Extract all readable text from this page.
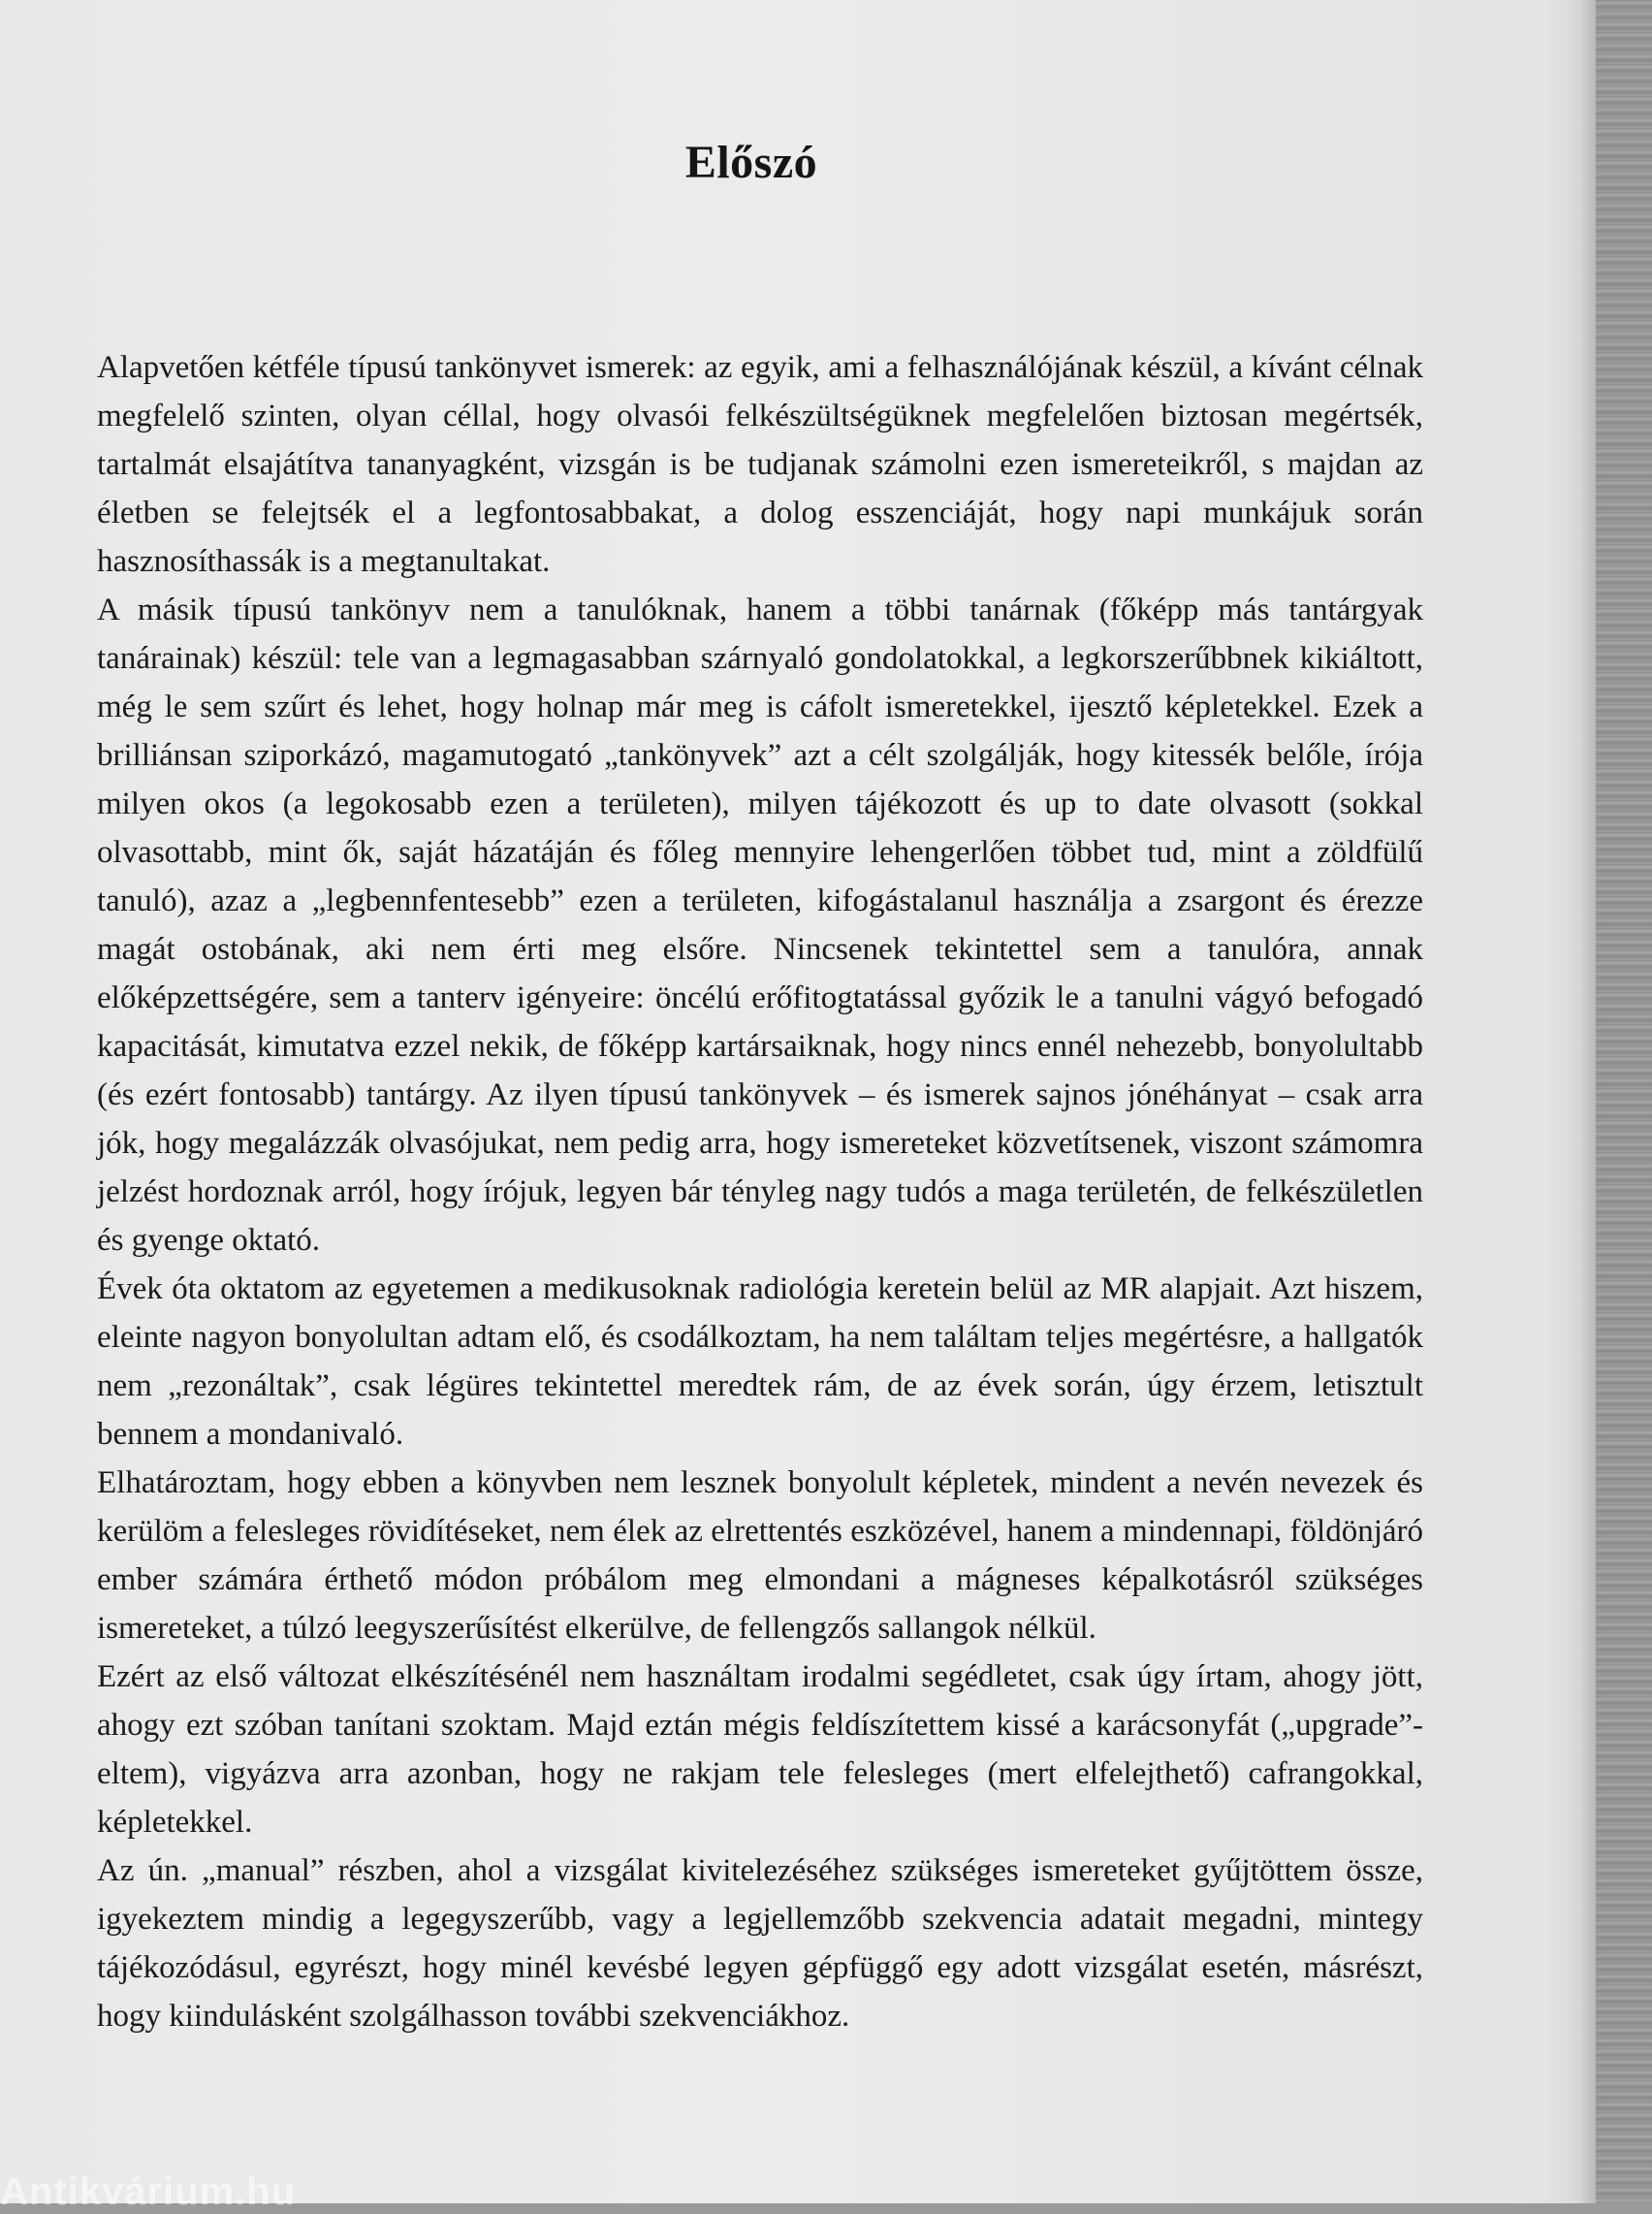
Előszó

Alapvetően kétféle típusú tankönyvet ismerek: az egyik, ami a felhasználójának készül, a kívánt célnak megfelelő szinten, olyan céllal, hogy olvasói felkészültségüknek megfelelően biztosan megértsék, tartalmát elsajátítva tananyagként, vizsgán is be tudjanak számolni ezen ismereteikről, s majdan az életben se felejtsék el a legfontosabbakat, a dolog esszenciáját, hogy napi munkájuk során hasznosíthassák is a megtanultakat.

A másik típusú tankönyv nem a tanulóknak, hanem a többi tanárnak (főképp más tantárgyak tanárainak) készül: tele van a legmagasabban szárnyaló gondolatokkal, a legkorszerűbbnek kikiáltott, még le sem szűrt és lehet, hogy holnap már meg is cáfolt ismeretekkel, ijesztő képletekkel. Ezek a brilliánsan sziporkázó, magamutogató „tankönyvek” azt a célt szolgálják, hogy kitessék belőle, írója milyen okos (a legokosabb ezen a területen), milyen tájékozott és up to date olvasott (sokkal olvasottabb, mint ők, saját házatáján és főleg mennyire lehengerlően többet tud, mint a zöldfülű tanuló), azaz a „legbennfentesebb” ezen a területen, kifogástalanul használja a zsargont és érezze magát ostobának, aki nem érti meg elsőre. Nincsenek tekintettel sem a tanulóra, annak előképzettségére, sem a tanterv igényeire: öncélú erőfitogtatással győzik le a tanulni vágyó befogadó kapacitását, kimutatva ezzel nekik, de főképp kartársaiknak, hogy nincs ennél nehezebb, bonyolultabb (és ezért fontosabb) tantárgy. Az ilyen típusú tankönyvek – és ismerek sajnos jónéhányat – csak arra jók, hogy megalázzák olvasójukat, nem pedig arra, hogy ismereteket közvetítsenek, viszont számomra jelzést hordoznak arról, hogy írójuk, legyen bár tényleg nagy tudós a maga területén, de felkészületlen és gyenge oktató.

Évek óta oktatom az egyetemen a medikusoknak radiológia keretein belül az MR alapjait. Azt hiszem, eleinte nagyon bonyolultan adtam elő, és csodálkoztam, ha nem találtam teljes megértésre, a hallgatók nem „rezonáltak”, csak légüres tekintettel meredtek rám, de az évek során, úgy érzem, letisztult bennem a mondanivaló.

Elhatároztam, hogy ebben a könyvben nem lesznek bonyolult képletek, mindent a nevén nevezek és kerülöm a felesleges rövidítéseket, nem élek az elrettentés eszközével, hanem a mindennapi, földönjáró ember számára érthető módon próbálom meg elmondani a mágneses képalkotásról szükséges ismereteket, a túlzó leegyszerűsítést elkerülve, de fellengzős sallangok nélkül.

Ezért az első változat elkészítésénél nem használtam irodalmi segédletet, csak úgy írtam, ahogy jött, ahogy ezt szóban tanítani szoktam. Majd eztán mégis feldíszítettem kissé a karácsonyfát („upgrade”-eltem), vigyázva arra azonban, hogy ne rakjam tele felesleges (mert elfelejthető) cafrangokkal, képletekkel.

Az ún. „manual” részben, ahol a vizsgálat kivitelezéséhez szükséges ismereteket gyűjtöttem össze, igyekeztem mindig a legegyszerűbb, vagy a legjellemzőbb szekvencia adatait megadni, mintegy tájékozódásul, egyrészt, hogy minél kevésbé legyen gépfüggő egy adott vizsgálat esetén, másrészt, hogy kiindulásként szolgálhasson további szekvenciákhoz.

Antikvárium.hu
